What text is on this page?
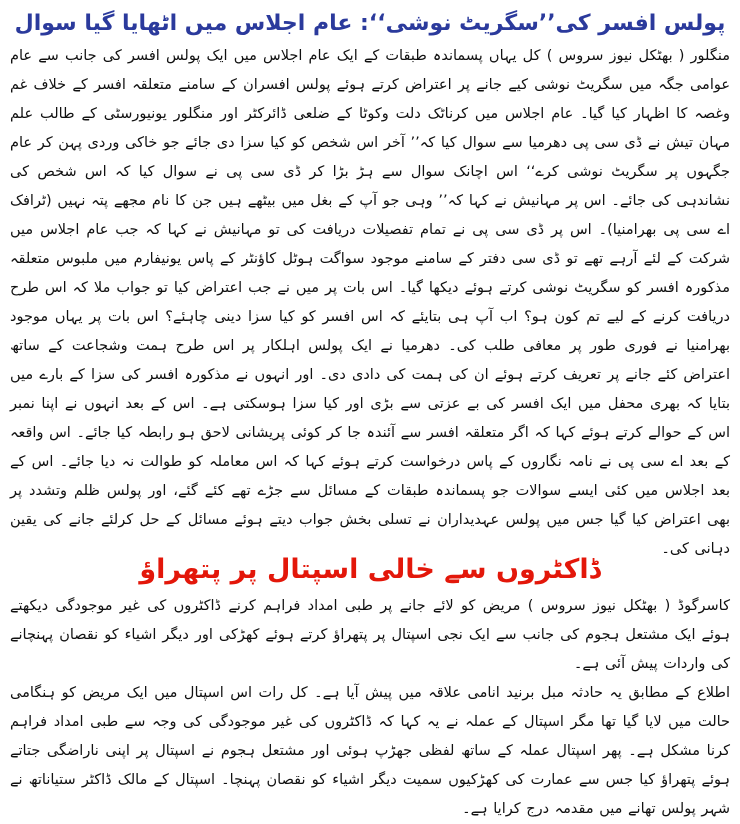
پولس افسر کی’’سگریٹ نوشی‘‘: عام اجلاس میں اٹھایا گیا سوال

منگلور ( بھٹکل نیوز سروس ) کل یہاں پسماندہ طبقات کے ایک عام اجلاس میں ایک پولس افسر کی جانب سے عام عوامی جگہ میں سگریٹ نوشی کیے جانے پر اعتراض کرتے ہوئے پولس افسران کے سامنے متعلقہ افسر کے خلاف غم وغصہ کا اظہار کیا گیا۔ عام اجلاس میں کرناٹک دلت وکوٹا کے ضلعی ڈائرکٹر اور منگلور یونیورسٹی کے طالب علم مہان تیش نے ڈی سی پی دھرمیا سے سوال کیا کہ’’ آخر اس شخص کو کیا سزا دی جائے جو خاکی وردی پہن کر عام جگہوں پر سگریٹ نوشی کرے‘‘ اس اچانک سوال سے ہڑ بڑا کر ڈی سی پی نے سوال کیا کہ اس شخص کی نشاندہی کی جائے۔ اس پر مہانیش نے کہا کہ’’ وہی جو آپ کے بغل میں بیٹھے ہیں جن کا نام مجھے پتہ نہیں (ٹرافک اے سی پی بھرامنیا)۔ اس پر ڈی سی پی نے تمام تفصیلات دریافت کی تو مہانیش نے کہا کہ جب عام اجلاس میں شرکت کے لئے آرہے تھے تو ڈی سی دفتر کے سامنے موجود سواگت ہوٹل کاؤنٹر کے پاس یونیفارم میں ملبوس متعلقہ مذکورہ افسر کو سگریٹ نوشی کرتے ہوئے دیکھا گیا۔ اس بات پر میں نے جب اعتراض کیا تو جواب ملا کہ اس طرح دریافت کرنے کے لیے تم کون ہو؟ اب آپ ہی بتایئے کہ اس افسر کو کیا سزا دینی چاہئے؟ اس بات پر یہاں موجود بھرامنیا نے فوری طور پر معافی طلب کی۔ دھرمیا نے ایک پولس اہلکار پر اس طرح ہمت وشجاعت کے ساتھ اعتراض کئے جانے پر تعریف کرتے ہوئے ان کی ہمت کی دادی دی۔ اور انہوں نے مذکورہ افسر کی سزا کے بارے میں بتایا کہ بھری محفل میں ایک افسر کی بے عزتی سے بڑی اور کیا سزا ہوسکتی ہے۔ اس کے بعد انہوں نے اپنا نمبر اس کے حوالے کرتے ہوئے کہا کہ اگر متعلقہ افسر سے آئندہ جا کر کوئی پریشانی لاحق ہو رابطہ کیا جائے۔ اس واقعہ کے بعد اے سی پی نے نامہ نگاروں کے پاس درخواست کرتے ہوئے کہا کہ اس معاملہ کو طوالت نہ دیا جائے۔ اس کے بعد اجلاس میں کئی ایسے سوالات جو پسماندہ طبقات کے مسائل سے جڑے تھے کئے گئے، اور پولس ظلم وتشدد پر بھی اعتراض کیا گیا جس میں پولس عہدیداران نے تسلی بخش جواب دیتے ہوئے مسائل کے حل کرلئے جانے کی یقین دہانی کی۔

ڈاکٹروں سے خالی اسپتال پر پتھراؤ

کاسرگوڈ ( بھٹکل نیوز سروس ) مریض کو لائے جانے پر طبی امداد فراہم کرنے ڈاکٹروں کی غیر موجودگی دیکھتے ہوئے ایک مشتعل ہجوم کی جانب سے ایک نجی اسپتال پر پتھراؤ کرتے ہوئے کھڑکی اور دیگر اشیاء کو نقصان پہنچانے کی واردات پیش آئی ہے۔

اطلاع کے مطابق یہ حادثہ مبل برنید انامی علاقہ میں پیش آیا ہے۔ کل رات اس اسپتال میں ایک مریض کو ہنگامی حالت میں لایا گیا تھا مگر اسپتال کے عملہ نے یہ کہا کہ ڈاکٹروں کی غیر موجودگی کی وجہ سے طبی امداد فراہم کرنا مشکل ہے۔ پھر اسپتال عملہ کے ساتھ لفظی جھڑپ ہوئی اور مشتعل ہجوم نے اسپتال پر اپنی ناراضگی جتاتے ہوئے پتھراؤ کیا جس سے عمارت کی کھڑکیوں سمیت دیگر اشیاء کو نقصان پہنچا۔ اسپتال کے مالک ڈاکٹر ستیاناتھ نے شہر پولس تھانے میں مقدمہ درج کرایا ہے۔
